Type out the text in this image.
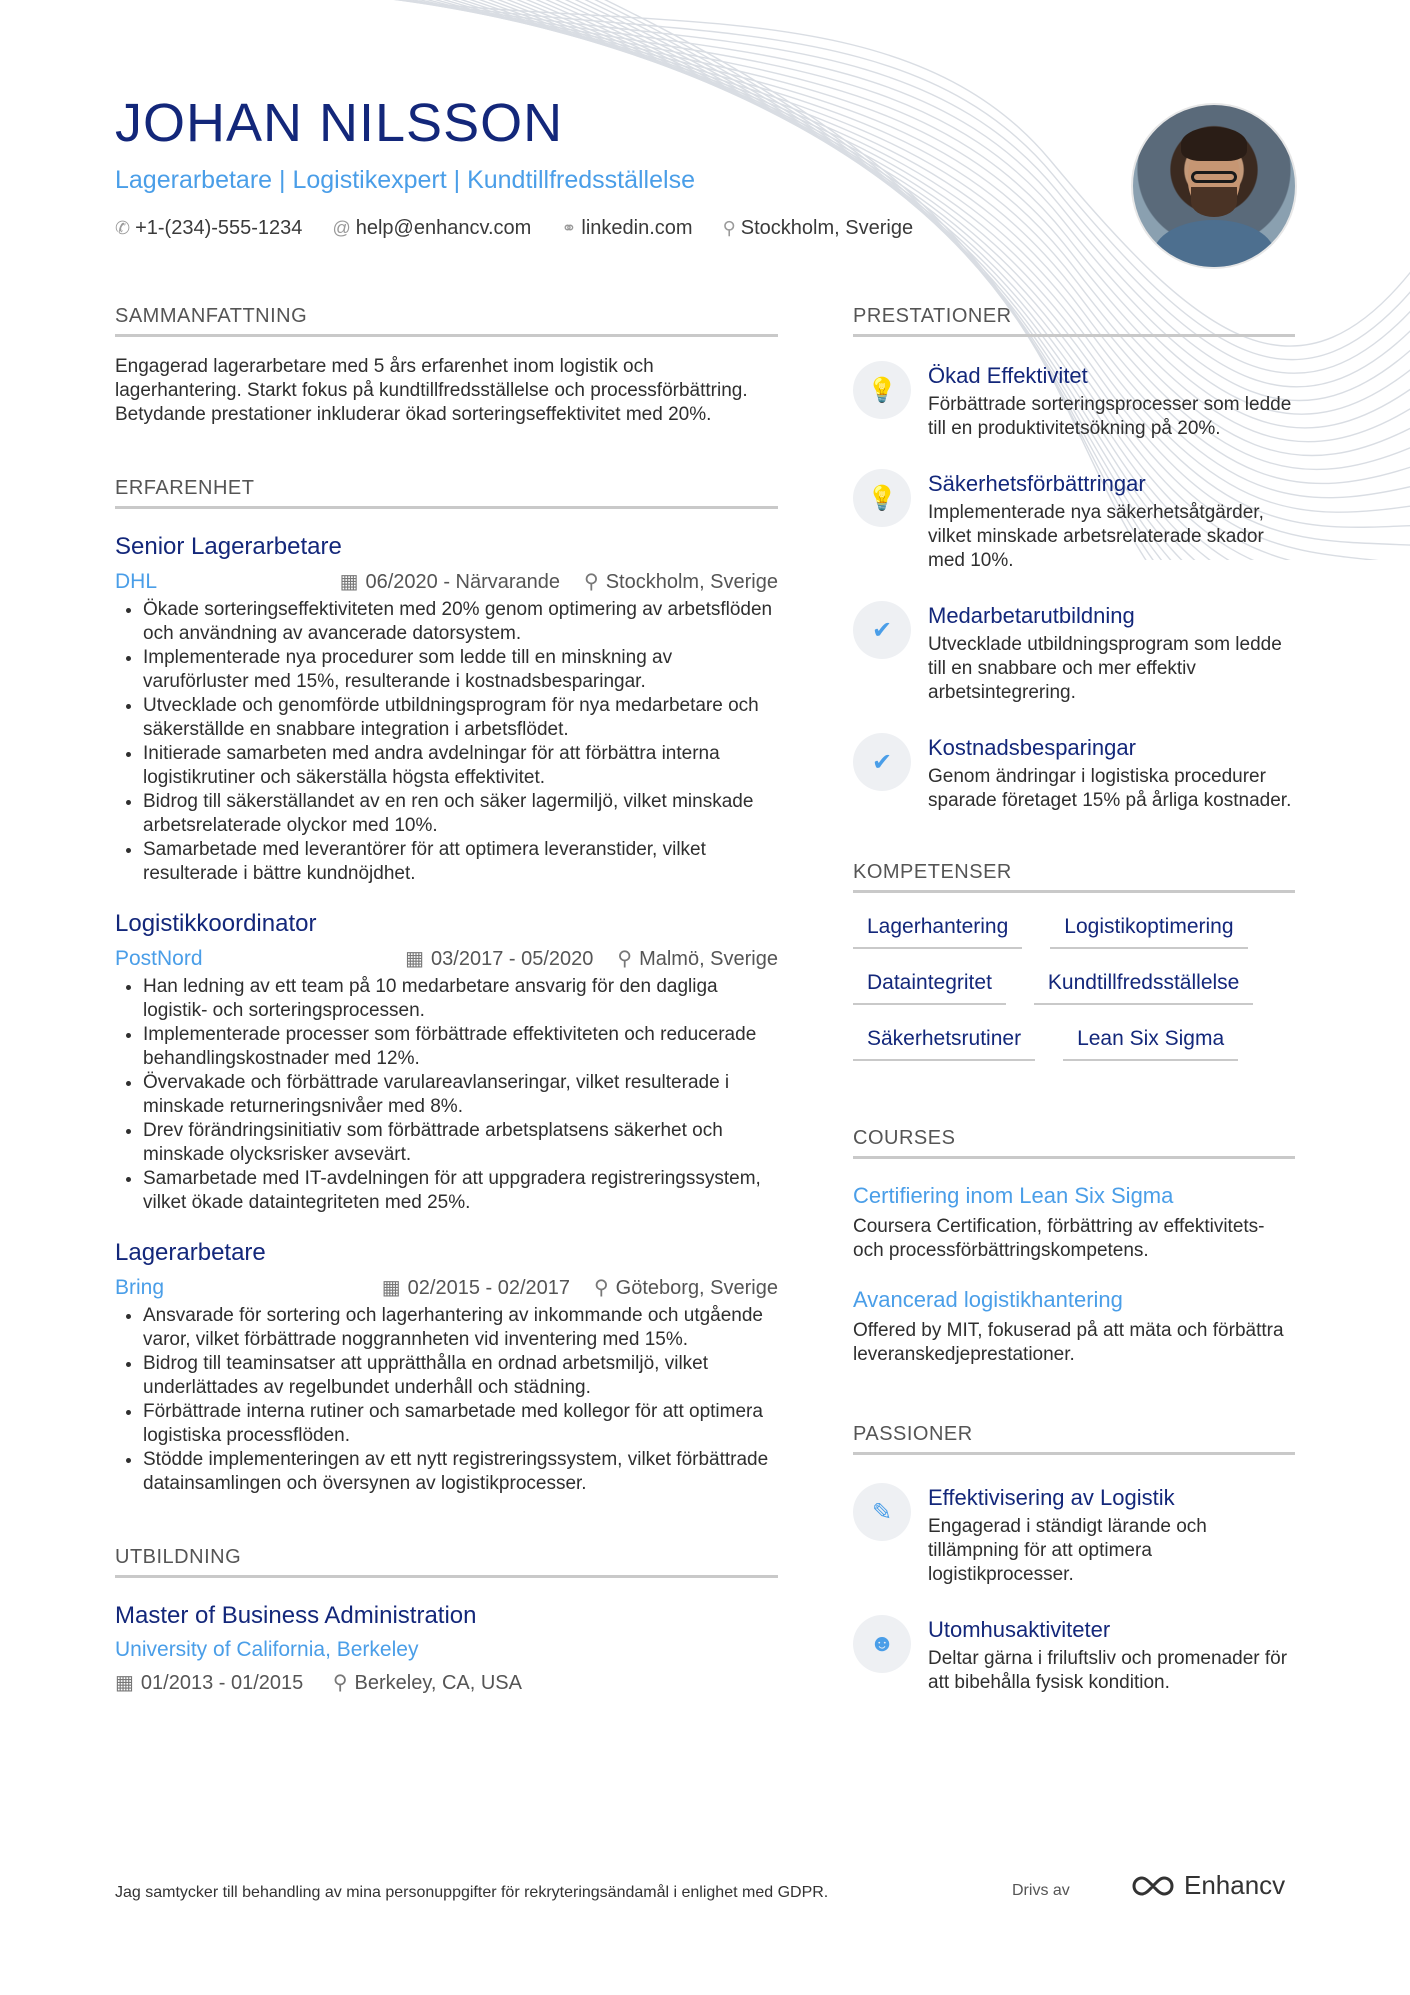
JOHAN NILSSON
Lagerarbetare | Logistikexpert | Kundtillfredsställelse
✆ +1-(234)-555-1234 @ help@enhancv.com ⚭ linkedin.com ⚲ Stockholm, Sverige
SAMMANFATTNING
Engagerad lagerarbetare med 5 års erfarenhet inom logistik och lagerhantering. Starkt fokus på kundtillfredsställelse och processförbättring. Betydande prestationer inkluderar ökad sorteringseffektivitet med 20%.
ERFARENHET
Senior Lagerarbetare
DHL	▦ 06/2020 - Närvarande ⚲ Stockholm, Sverige
• Ökade sorteringseffektiviteten med 20% genom optimering av arbetsflöden och användning av avancerade datorsystem.
• Implementerade nya procedurer som ledde till en minskning av varuförluster med 15%, resulterande i kostnadsbesparingar.
• Utvecklade och genomförde utbildningsprogram för nya medarbetare och säkerställde en snabbare integration i arbetsflödet.
• Initierade samarbeten med andra avdelningar för att förbättra interna logistikrutiner och säkerställa högsta effektivitet.
• Bidrog till säkerställandet av en ren och säker lagermiljö, vilket minskade arbetsrelaterade olyckor med 10%.
• Samarbetade med leverantörer för att optimera leveranstider, vilket resulterade i bättre kundnöjdhet.
Logistikkoordinator
PostNord	▦ 03/2017 - 05/2020 ⚲ Malmö, Sverige
• Han ledning av ett team på 10 medarbetare ansvarig för den dagliga logistik- och sorteringsprocessen.
• Implementerade processer som förbättrade effektiviteten och reducerade behandlingskostnader med 12%.
• Övervakade och förbättrade varulareavlanseringar, vilket resulterade i minskade returneringsnivåer med 8%.
• Drev förändringsinitiativ som förbättrade arbetsplatsens säkerhet och minskade olycksrisker avsevärt.
• Samarbetade med IT-avdelningen för att uppgradera registreringssystem, vilket ökade dataintegriteten med 25%.
Lagerarbetare
Bring	▦ 02/2015 - 02/2017 ⚲ Göteborg, Sverige
• Ansvarade för sortering och lagerhantering av inkommande och utgående varor, vilket förbättrade noggrannheten vid inventering med 15%.
• Bidrog till teaminsatser att upprätthålla en ordnad arbetsmiljö, vilket underlättades av regelbundet underhåll och städning.
• Förbättrade interna rutiner och samarbetade med kollegor för att optimera logistiska processflöden.
• Stödde implementeringen av ett nytt registreringssystem, vilket förbättrade datainsamlingen och översynen av logistikprocesser.
UTBILDNING
Master of Business Administration
University of California, Berkeley
▦ 01/2013 - 01/2015 ⚲ Berkeley, CA, USA
PRESTATIONER
💡
Ökad Effektivitet
Förbättrade sorteringsprocesser som ledde till en produktivitetsökning på 20%.
💡
Säkerhetsförbättringar
Implementerade nya säkerhetsåtgärder, vilket minskade arbetsrelaterade skador med 10%.
✔
Medarbetarutbildning
Utvecklade utbildningsprogram som ledde till en snabbare och mer effektiv arbetsintegrering.
✔
Kostnadsbesparingar
Genom ändringar i logistiska procedurer sparade företaget 15% på årliga kostnader.
KOMPETENSER
Lagerhantering	Logistikoptimering
Dataintegritet	Kundtillfredsställelse
Säkerhetsrutiner	Lean Six Sigma
COURSES
Certifiering inom Lean Six Sigma
Coursera Certification, förbättring av effektivitets- och processförbättringskompetens.
Avancerad logistikhantering
Offered by MIT, fokuserad på att mäta och förbättra leveranskedjeprestationer.
PASSIONER
✎
Effektivisering av Logistik
Engagerad i ständigt lärande och tillämpning för att optimera logistikprocesser.
☻
Utomhusaktiviteter
Deltar gärna i friluftsliv och promenader för att bibehålla fysisk kondition.
Jag samtycker till behandling av mina personuppgifter för rekryteringsändamål i enlighet med GDPR.	Drivs av	Enhancv
